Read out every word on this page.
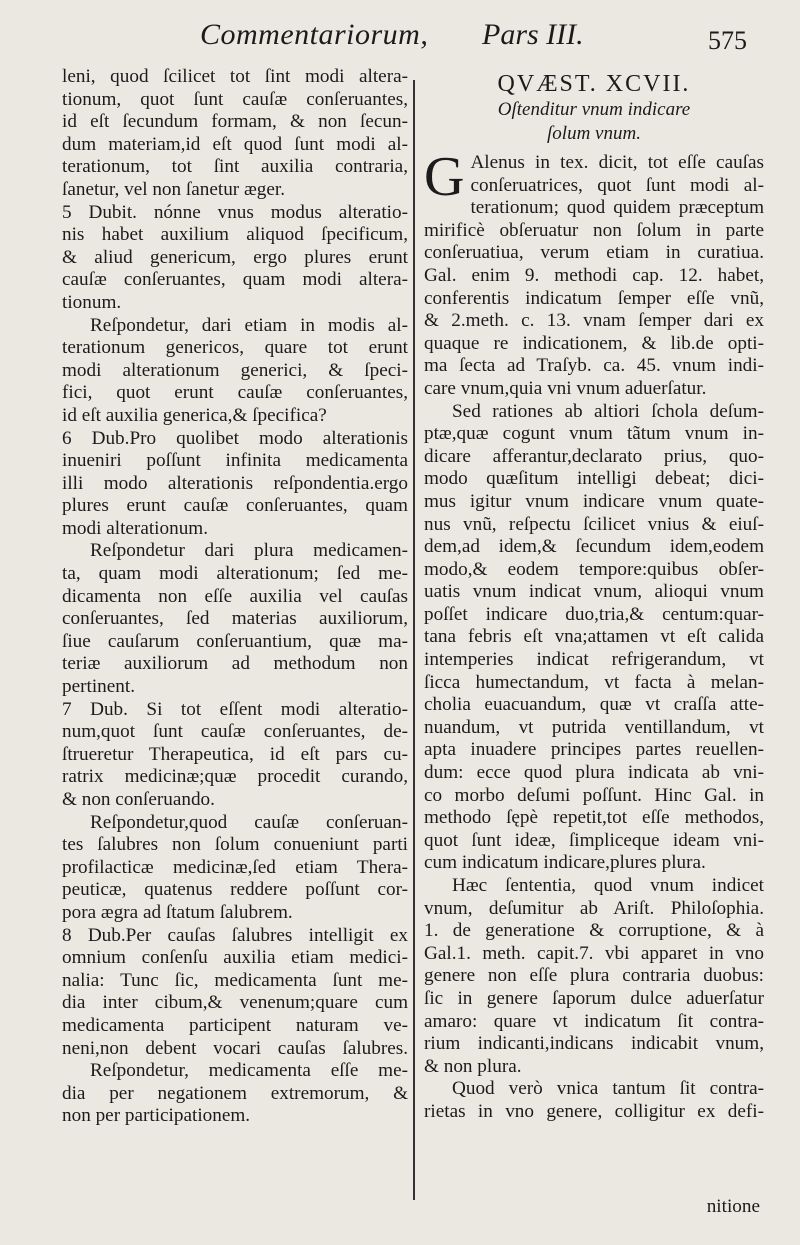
Commentariorum, Pars III.	575
leni, quod ſcilicet tot ſint modi altera-
tionum, quot ſunt cauſæ conſeruantes,
id eſt ſecundum formam, & non ſecun-
dum materiam,id eſt quod ſunt modi al-
terationum, tot ſint auxilia contraria,
ſanetur, vel non ſanetur æger.
5 Dubit. nónne vnus modus alteratio-
nis habet auxilium aliquod ſpecificum,
& aliud genericum, ergo plures erunt
cauſæ conſeruantes, quam modi altera-
tionum.
Reſpondetur, dari etiam in modis al-
terationum genericos, quare tot erunt
modi alterationum generici, & ſpeci-
fici, quot erunt cauſæ conſeruantes,
id eſt auxilia generica,& ſpecifica?
6 Dub.Pro quolibet modo alterationis
inueniri poſſunt infinita medicamenta
illi modo alterationis reſpondentia.ergo
plures erunt cauſæ conſeruantes, quam
modi alterationum.
Reſpondetur dari plura medicamen-
ta, quam modi alterationum; ſed me-
dicamenta non eſſe auxilia vel cauſas
conſeruantes, ſed materias auxiliorum,
ſiue cauſarum conſeruantium, quæ ma-
teriæ auxiliorum ad methodum non
pertinent.
7 Dub. Si tot eſſent modi alteratio-
num,quot ſunt cauſæ conſeruantes, de-
ſtrueretur Therapeutica, id eſt pars cu-
ratrix medicinæ;quæ procedit curando,
& non conſeruando.
Reſpondetur,quod cauſæ conſeruan-
tes ſalubres non ſolum conueniunt parti
profilacticæ medicinæ,ſed etiam Thera-
peuticæ, quatenus reddere poſſunt cor-
pora ægra ad ſtatum ſalubrem.
8 Dub.Per cauſas ſalubres intelligit ex
omnium conſenſu auxilia etiam medici-
nalia: Tunc ſic, medicamenta ſunt me-
dia inter cibum,& venenum;quare cum
medicamenta participent naturam ve-
neni,non debent vocari cauſas ſalubres.
Reſpondetur, medicamenta eſſe me-
dia per negationem extremorum, &
non per participationem.
QVÆST. XCVII.
Oſtenditur vnum indicare
ſolum vnum.
G Alenus in tex. dicit, tot eſſe cauſas
conſeruatrices, quot ſunt modi al-
terationum; quod quidem præceptum
mirificè obſeruatur non ſolum in parte
conſeruatiua, verum etiam in curatiua.
Gal. enim 9. methodi cap. 12. habet,
conferentis indicatum ſemper eſſe vnũ,
& 2.meth. c. 13. vnam ſemper dari ex
quaque re indicationem, & lib.de opti-
ma ſecta ad Traſyb. ca. 45. vnum indi-
care vnum,quia vni vnum aduerſatur.
Sed rationes ab altiori ſchola deſum-
ptæ,quæ cogunt vnum tãtum vnum in-
dicare afferantur,declarato prius, quo-
modo quæſitum intelligi debeat; dici-
mus igitur vnum indicare vnum quate-
nus vnũ, reſpectu ſcilicet vnius & eiuſ-
dem,ad idem,& ſecundum idem,eodem
modo,& eodem tempore:quibus obſer-
uatis vnum indicat vnum, alioqui vnum
poſſet indicare duo,tria,& centum:quar-
tana febris eſt vna;attamen vt eſt calida
intemperies indicat refrigerandum, vt
ſicca humectandum, vt facta à melan-
cholia euacuandum, quæ vt craſſa atte-
nuandum, vt putrida ventillandum, vt
apta inuadere principes partes reuellen-
dum: ecce quod plura indicata ab vni-
co morbo deſumi poſſunt. Hinc Gal. in
methodo ſępè repetit,tot eſſe methodos,
quot ſunt ideæ, ſimpliceque ideam vni-
cum indicatum indicare,plures plura.
Hæc ſententia, quod vnum indicet
vnum, deſumitur ab Ariſt. Philoſophia.
1. de generatione & corruptione, & à
Gal.1. meth. capit.7. vbi apparet in vno
genere non eſſe plura contraria duobus:
ſic in genere ſaporum dulce aduerſatur
amaro: quare vt indicatum ſit contra-
rium indicanti,indicans indicabit vnum,
& non plura.
Quod verò vnica tantum ſit contra-
rietas in vno genere, colligitur ex defi-
nitione
